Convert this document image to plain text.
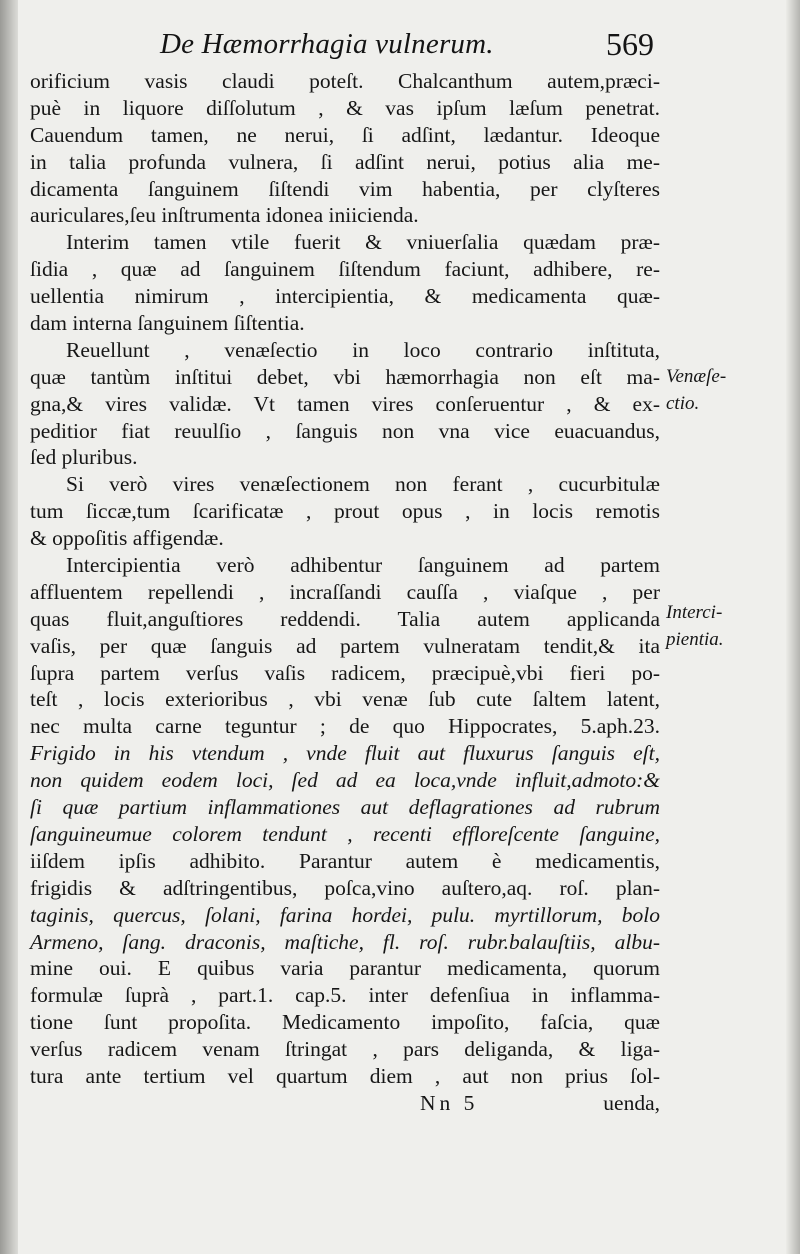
De Hæmorrhagia vulnerum.	569
orificium vasis claudi poteſt. Chalcanthum autem,præci-
puè in liquore diſſolutum , & vas ipſum læſum penetrat.
Cauendum tamen, ne nerui, ſi adſint, lædantur. Ideoque
in talia profunda vulnera, ſi adſint nerui, potius alia me-
dicamenta ſanguinem ſiſtendi vim habentia, per clyſteres
auriculares,ſeu inſtrumenta idonea iniicienda.
Interim tamen vtile fuerit & vniuerſalia quædam præ-
ſidia , quæ ad ſanguinem ſiſtendum faciunt, adhibere, re-
uellentia nimirum , intercipientia, & medicamenta quæ-
dam interna ſanguinem ſiſtentia.
Reuellunt , venæſectio in loco contrario inſtituta,
quæ tantùm inſtitui debet, vbi hæmorrhagia non eſt ma-
gna,& vires validæ. Vt tamen vires conſeruentur , & ex-
peditior fiat reuulſio , ſanguis non vna vice euacuandus,
ſed pluribus.
Si verò vires venæſectionem non ferant , cucurbitulæ
tum ſiccæ,tum ſcarificatæ , prout opus , in locis remotis
& oppoſitis affigendæ.
Intercipientia verò adhibentur ſanguinem ad partem
affluentem repellendi , incraſſandi cauſſa , viaſque , per
quas fluit,anguſtiores reddendi. Talia autem applicanda
vaſis, per quæ ſanguis ad partem vulneratam tendit,& ita
ſupra partem verſus vaſis radicem, præcipuè,vbi fieri po-
teſt , locis exterioribus , vbi venæ ſub cute ſaltem latent,
nec multa carne teguntur ; de quo Hippocrates, 5.aph.23.
Frigido in his vtendum , vnde fluit aut fluxurus ſanguis eſt,
non quidem eodem loci, ſed ad ea loca,vnde influit,admoto:&
ſi quæ partium inflammationes aut deflagrationes ad rubrum
ſanguineumue colorem tendunt , recenti effloreſcente ſanguine,
iiſdem ipſis adhibito. Parantur autem è medicamentis,
frigidis & adſtringentibus, poſca,vino auſtero,aq. roſ. plan-
taginis, quercus, ſolani, farina hordei, pulu. myrtillorum, bolo
Armeno, ſang. draconis, maſtiche, fl. roſ. rubr.balauſtiis, albu-
mine oui. E quibus varia parantur medicamenta, quorum
formulæ ſuprà , part.1. cap.5. inter defenſiua in inflamma-
tione ſunt propoſita. Medicamento impoſito, faſcia, quæ
verſus radicem venam ſtringat , pars deliganda, & liga-
tura ante tertium vel quartum diem , aut non prius ſol-
Nn 5	uenda,
Venæſe-
ctio.
Interci-
pientia.
